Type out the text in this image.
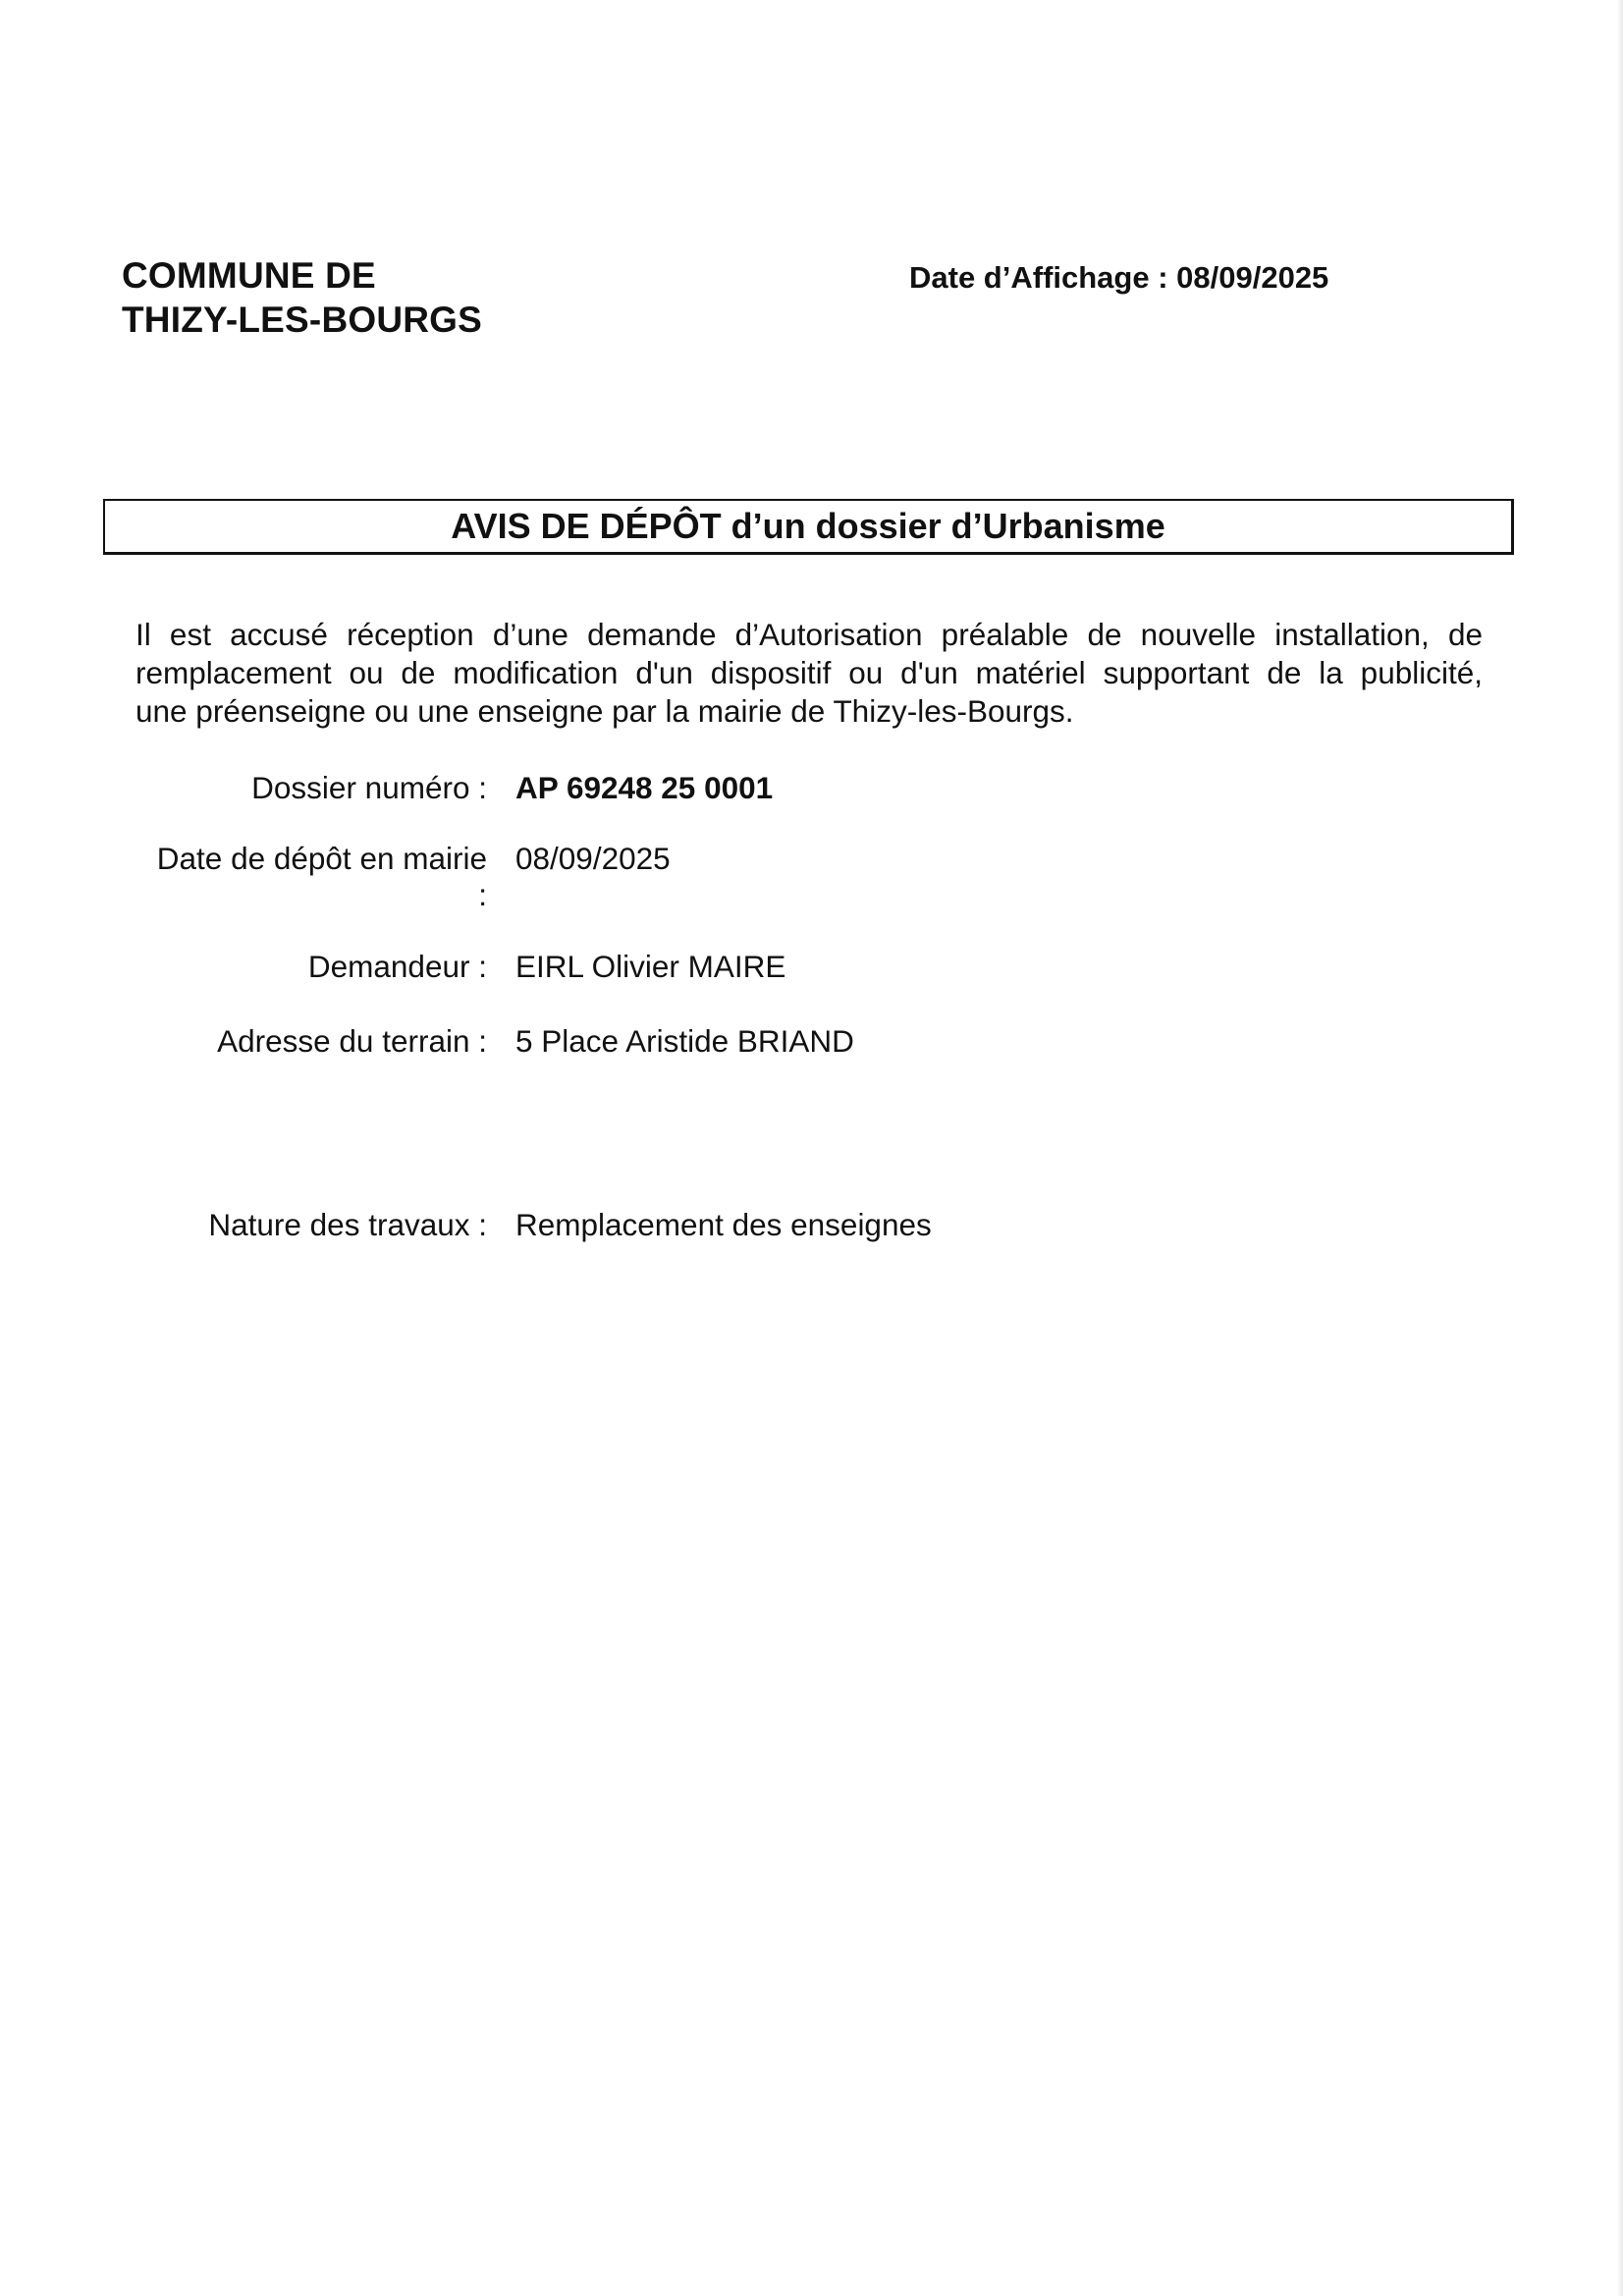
COMMUNE DE
THIZY-LES-BOURGS
Date d’Affichage : 08/09/2025
AVIS DE DÉPÔT d’un dossier d’Urbanisme
Il est accusé réception d’une demande d’Autorisation préalable de nouvelle installation, de
remplacement ou de modification d'un dispositif ou d'un matériel supportant de la publicité,
une préenseigne ou une enseigne par la mairie de Thizy-les-Bourgs.
Dossier numéro : AP 69248 25 0001
Date de dépôt en mairie
:
08/09/2025
Demandeur : EIRL Olivier MAIRE
Adresse du terrain : 5 Place Aristide BRIAND
Nature des travaux : Remplacement des enseignes
